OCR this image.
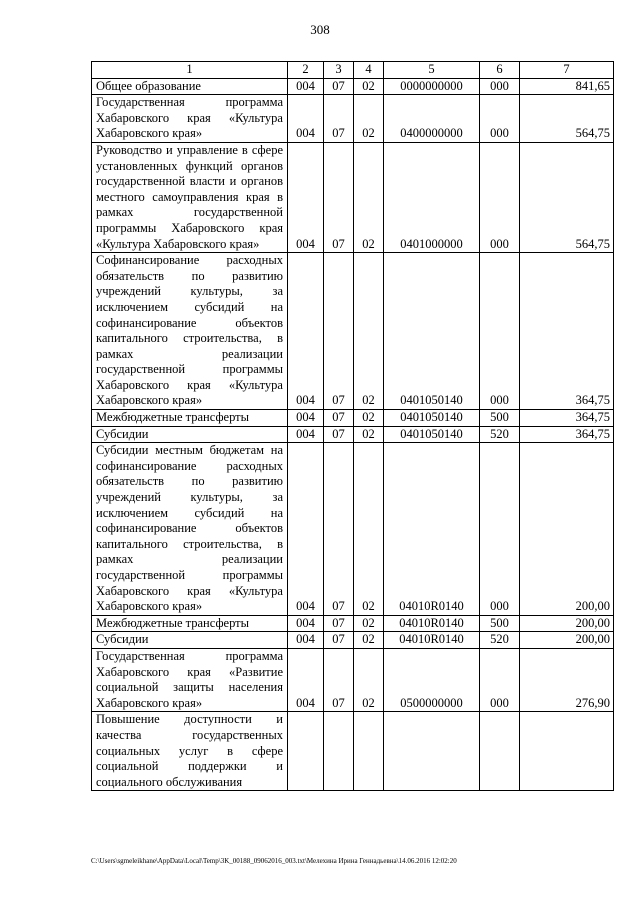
308
1	2	3	4	5	6	7
Общее образование	004	07	02	0000000000	000	841,65
Государственная программа Хабаровского края «Культура Хабаровского края»	004	07	02	0400000000	000	564,75
Руководство и управление в сфере установленных функций органов государственной власти и органов местного самоуправления края в рамках государственной программы Хабаровского края «Культура Хабаровского края»	004	07	02	0401000000	000	564,75
Софинансирование расходных обязательств по развитию учреждений культуры, за исключением субсидий на софинансирование объектов капитального строительства, в рамках реализации государственной программы Хабаровского края «Культура Хабаровского края»	004	07	02	0401050140	000	364,75
Межбюджетные трансферты	004	07	02	0401050140	500	364,75
Субсидии	004	07	02	0401050140	520	364,75
Субсидии местным бюджетам на софинансирование расходных обязательств по развитию учреждений культуры, за исключением субсидий на софинансирование объектов капитального строительства, в рамках реализации государственной программы Хабаровского края «Культура Хабаровского края»	004	07	02	04010R0140	000	200,00
Межбюджетные трансферты	004	07	02	04010R0140	500	200,00
Субсидии	004	07	02	04010R0140	520	200,00
Государственная программа Хабаровского края «Развитие социальной защиты населения Хабаровского края»	004	07	02	0500000000	000	276,90
Повышение доступности и качества государственных социальных услуг в сфере социальной поддержки и социального обслуживания						
C:\Users\sgmeleikhane\AppData\Local\Temp\3K_00188_09062016_003.txt\Мелехина Ирина Геннадьевна\14.06.2016 12:02:20
